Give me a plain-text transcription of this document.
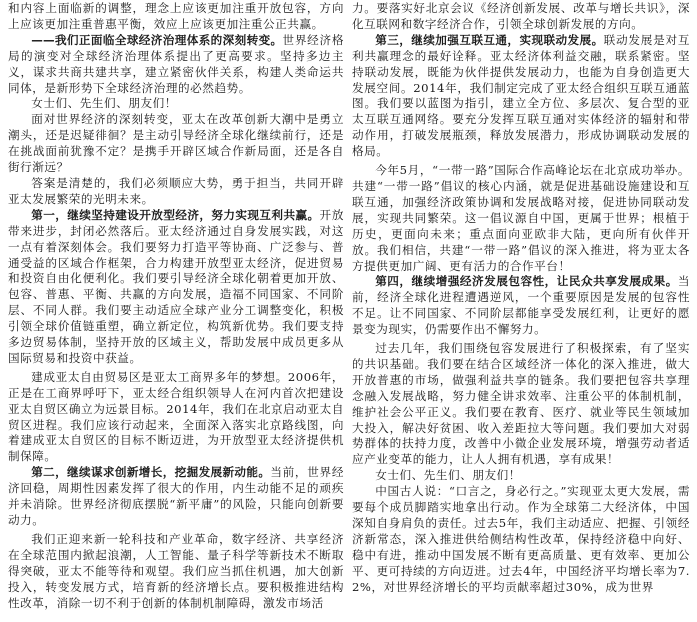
和内容上面临新的调整，理念上应该更加注重开放包容，方向上应该更加注重普惠平衡，效应上应该更加注重公正共赢。

——我们正面临全球经济治理体系的深刻转变。世界经济格局的演变对全球经济治理体系提出了更高要求。坚持多边主义，谋求共商共建共享，建立紧密伙伴关系，构建人类命运共同体，是新形势下全球经济治理的必然趋势。

女士们、先生们、朋友们！

面对世界经济的深刻转变，亚太在改革创新大潮中是勇立潮头，还是迟疑徘徊？是主动引导经济全球化继续前行，还是在挑战面前犹豫不定？是携手开辟区域合作新局面，还是各自街行渐远？

答案是清楚的，我们必须顺应大势，勇于担当，共同开辟亚太发展繁荣的光明未来。

第一，继续坚持建设开放型经济，努力实现互利共赢。开放带来进步，封闭必然落后。亚太经济通过自身发展实践，对这一点有着深刻体会。我们要努力打造平等协商、广泛参与、普通受益的区域合作框架，合力构建开放型亚太经济，促进贸易和投资自由化便利化。我们要引导经济全球化朝着更加开放、包容、普惠、平衡、共赢的方向发展，造福不同国家、不同阶层、不同人群。我们要主动适应全球产业分工调整变化，积极引领全球价值链重塑，确立新定位，构筑新优势。我们要支持多边贸易体制，坚持开放的区域主义，帮助发展中成员更多从国际贸易和投资中获益。

建成亚太自由贸易区是亚太工商界多年的梦想。2006年，正是在工商界呼吁下，亚太经合组织领导人在河内首次把建设亚太自贸区确立为远景目标。2014年，我们在北京启动亚太自贸区进程。我们应该行动起来，全面深入落实北京路线图，向着建成亚太自贸区的目标不断迈进，为开放型亚太经济提供机制保障。

第二，继续谋求创新增长，挖掘发展新动能。当前，世界经济回稳，周期性因素发挥了很大的作用，内生动能不足的顽疾并未消除。世界经济彻底摆脱“新平庸”的风险，只能向创新要动力。

我们正迎来新一轮科技和产业革命，数字经济、共享经济在全球范围内掀起浪潮，人工智能、量子科学等新技术不断取得突破，亚太不能等待和观望。我们应当抓住机遇，加大创新投入，转变发展方式，培育新的经济增长点。要积极推进结构性改革，消除一切不利于创新的体制机制障碍，激发市场活

力。要落实好北京会议《经济创新发展、改革与增长共识》，深化互联网和数字经济合作，引领全球创新发展的方向。

第三，继续加强互联互通，实现联动发展。联动发展是对互利共赢理念的最好诠释。亚太经济体利益交融，联系紧密。坚持联动发展，既能为伙伴提供发展动力，也能为自身创造更大发展空间。2014年，我们制定完成了亚太经合组织互联互通蓝图。我们要以蓝图为指引，建立全方位、多层次、复合型的亚太互联互通网络。要充分发挥互联互通对实体经济的辐射和带动作用，打破发展瓶颈，释放发展潜力，形成协调联动发展的格局。

今年5月，“一带一路”国际合作高峰论坛在北京成功举办。共建“一带一路”倡议的核心内涵，就是促进基础设施建设和互联互通，加强经济政策协调和发展战略对接，促进协同联动发展，实现共同繁荣。这一倡议源自中国，更属于世界；根植于历史，更面向未来；重点面向亚欧非大陆，更向所有伙伴开放。我们相信，共建“一带一路”倡议的深入推进，将为亚太各方提供更加广阔、更有活力的合作平台！

第四，继续增强经济发展包容性，让民众共享发展成果。当前，经济全球化进程遭遇逆风，一个重要原因是发展的包容性不足。让不同国家、不同阶层都能享受发展红利，让更好的愿景变为现实，仍需要作出不懈努力。

过去几年，我们围绕包容发展进行了积极探索，有了坚实的共识基础。我们要在结合区域经济一体化的深入推进，做大开放普惠的市场，做强利益共享的链条。我们要把包容共享理念融入发展战略，努力健全讲求效率、注重公平的体制机制，维护社会公平正义。我们要在教育、医疗、就业等民生领域加大投入，解决好贫困、收入差距拉大等问题。我们要加大对弱势群体的扶持力度，改善中小微企业发展环境，增强劳动者适应产业变革的能力，让人人拥有机遇，享有成果！

女士们、先生们、朋友们！

中国古人说：“口言之，身必行之。”实现亚太更大发展，需要每个成员脚踏实地拿出行动。作为全球第二大经济体，中国深知自身肩负的责任。过去5年，我们主动适应、把握、引领经济新常态，深入推进供给侧结构性改革，保持经济稳中向好、稳中有进，推动中国发展不断有更高质量、更有效率、更加公平、更可持续的方向迈进。过去4年，中国经济平均增长率为7.2%，对世界经济增长的平均贡献率超过30%，成为世界
